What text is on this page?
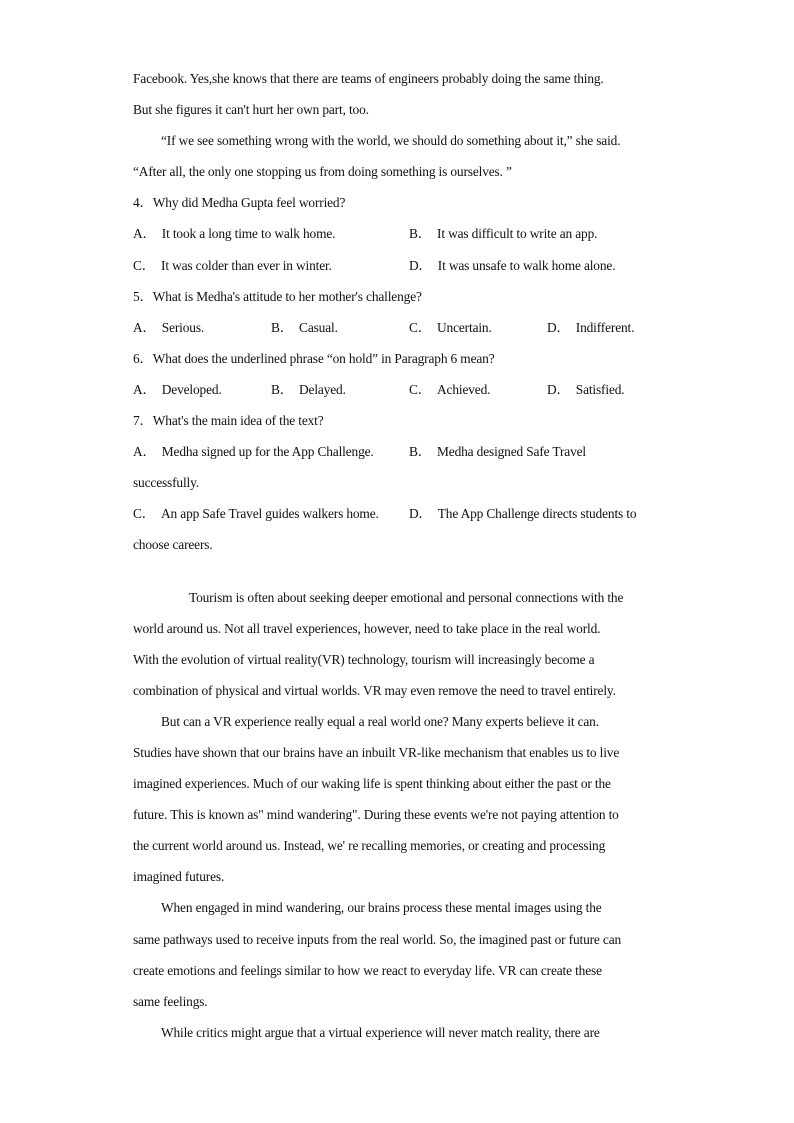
Facebook. Yes,she knows that there are teams of engineers probably doing the same thing.
But she figures it can't hurt her own part, too.
“If we see something wrong with the world, we should do something about it,” she said.
“After all, the only one stopping us from doing something is ourselves. ”
4．Why did Medha Gupta feel worried?
A． It took a long time to walk home.	B． It was difficult to write an app.
C． It was colder than ever in winter.	D． It was unsafe to walk home alone.
5．What is Medha's attitude to her mother's challenge?
A． Serious.	B． Casual.	C． Uncertain.	D． Indifferent.
6．What does the underlined phrase “on hold” in Paragraph 6 mean?
A． Developed.	B． Delayed.	C． Achieved.	D． Satisfied.
7．What's the main idea of the text?
A． Medha signed up for the App Challenge.	B． Medha designed Safe Travel
successfully.
C． An app Safe Travel guides walkers home.	D． The App Challenge directs students to
choose careers.
Tourism is often about seeking deeper emotional and personal connections with the
world around us. Not all travel experiences, however, need to take place in the real world.
With the evolution of virtual reality(VR) technology, tourism will increasingly become a
combination of physical and virtual worlds. VR may even remove the need to travel entirely.
But can a VR experience really equal a real world one? Many experts believe it can.
Studies have shown that our brains have an inbuilt VR-like mechanism that enables us to live
imagined experiences. Much of our waking life is spent thinking about either the past or the
future. This is known as" mind wandering". During these events we're not paying attention to
the current world around us. Instead, we' re recalling memories, or creating and processing
imagined futures.
When engaged in mind wandering, our brains process these mental images using the
same pathways used to receive inputs from the real world. So, the imagined past or future can
create emotions and feelings similar to how we react to everyday life. VR can create these
same feelings.
While critics might argue that a virtual experience will never match reality, there are
